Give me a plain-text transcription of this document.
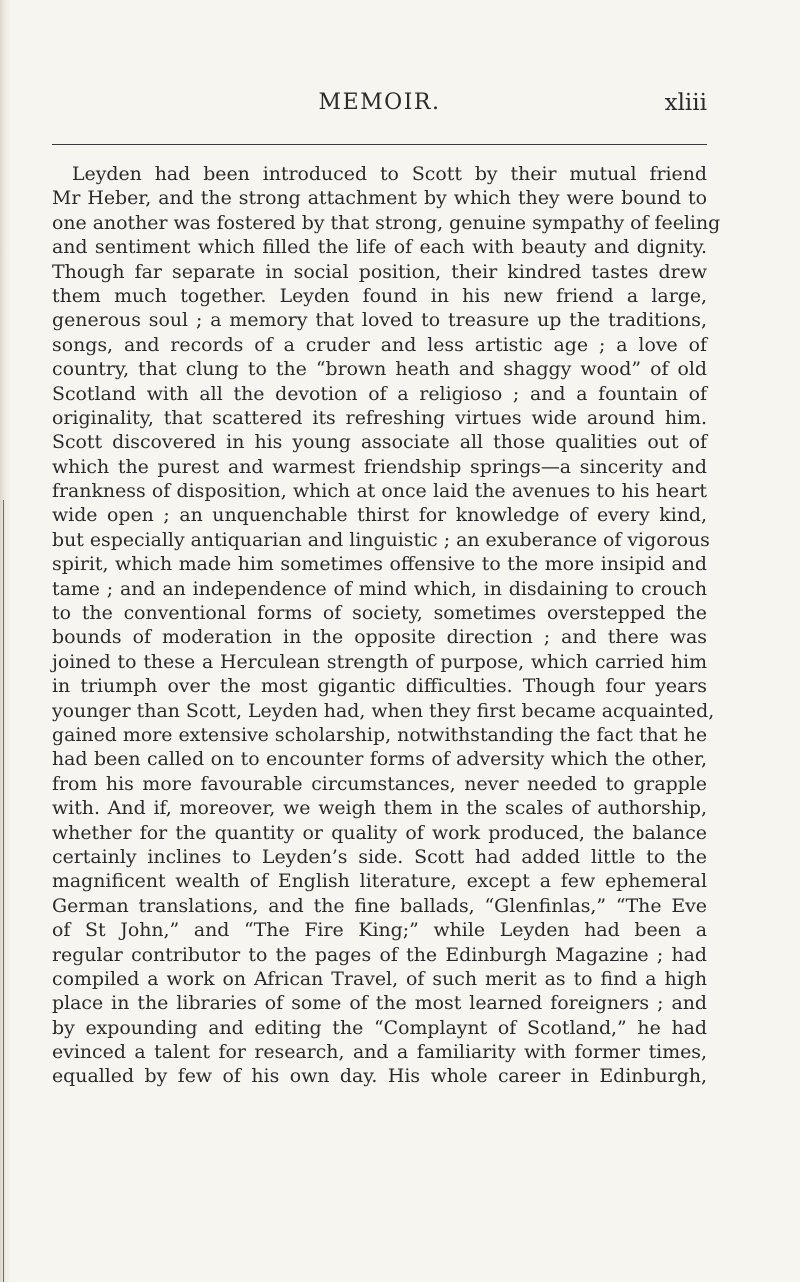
MEMOIR.	xliii
Leyden had been introduced to Scott by their mutual friend
Mr Heber, and the strong attachment by which they were bound to
one another was fostered by that strong, genuine sympathy of feeling
and sentiment which filled the life of each with beauty and dignity.
Though far separate in social position, their kindred tastes drew
them much together. Leyden found in his new friend a large,
generous soul ; a memory that loved to treasure up the traditions,
songs, and records of a cruder and less artistic age ; a love of
country, that clung to the “brown heath and shaggy wood” of old
Scotland with all the devotion of a religioso ; and a fountain of
originality, that scattered its refreshing virtues wide around him.
Scott discovered in his young associate all those qualities out of
which the purest and warmest friendship springs—a sincerity and
frankness of disposition, which at once laid the avenues to his heart
wide open ; an unquenchable thirst for knowledge of every kind,
but especially antiquarian and linguistic ; an exuberance of vigorous
spirit, which made him sometimes offensive to the more insipid and
tame ; and an independence of mind which, in disdaining to crouch
to the conventional forms of society, sometimes overstepped the
bounds of moderation in the opposite direction ; and there was
joined to these a Herculean strength of purpose, which carried him
in triumph over the most gigantic difficulties. Though four years
younger than Scott, Leyden had, when they first became acquainted,
gained more extensive scholarship, notwithstanding the fact that he
had been called on to encounter forms of adversity which the other,
from his more favourable circumstances, never needed to grapple
with. And if, moreover, we weigh them in the scales of authorship,
whether for the quantity or quality of work produced, the balance
certainly inclines to Leyden’s side. Scott had added little to the
magnificent wealth of English literature, except a few ephemeral
German translations, and the fine ballads, “Glenfinlas,” “The Eve
of St John,” and “The Fire King;” while Leyden had been a
regular contributor to the pages of the Edinburgh Magazine ; had
compiled a work on African Travel, of such merit as to find a high
place in the libraries of some of the most learned foreigners ; and
by expounding and editing the “Complaynt of Scotland,” he had
evinced a talent for research, and a familiarity with former times,
equalled by few of his own day. His whole career in Edinburgh,
